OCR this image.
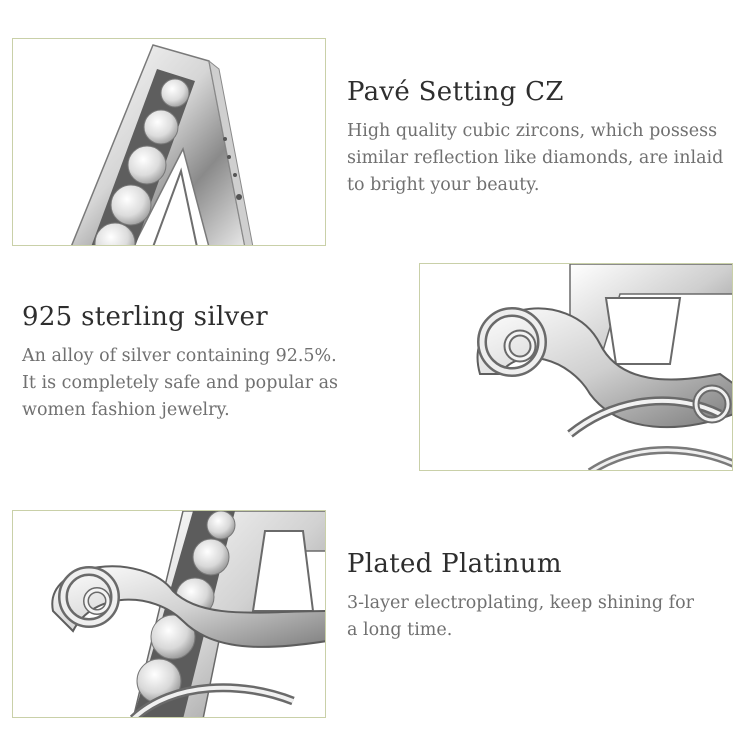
Pavé Setting CZ
High quality cubic zircons, which possess
similar reflection like diamonds, are inlaid
to bright your beauty.
925 sterling silver
An alloy of silver containing 92.5%.
It is completely safe and popular as
women fashion jewelry.
Plated Platinum
3-layer electroplating, keep shining for
a long time.
